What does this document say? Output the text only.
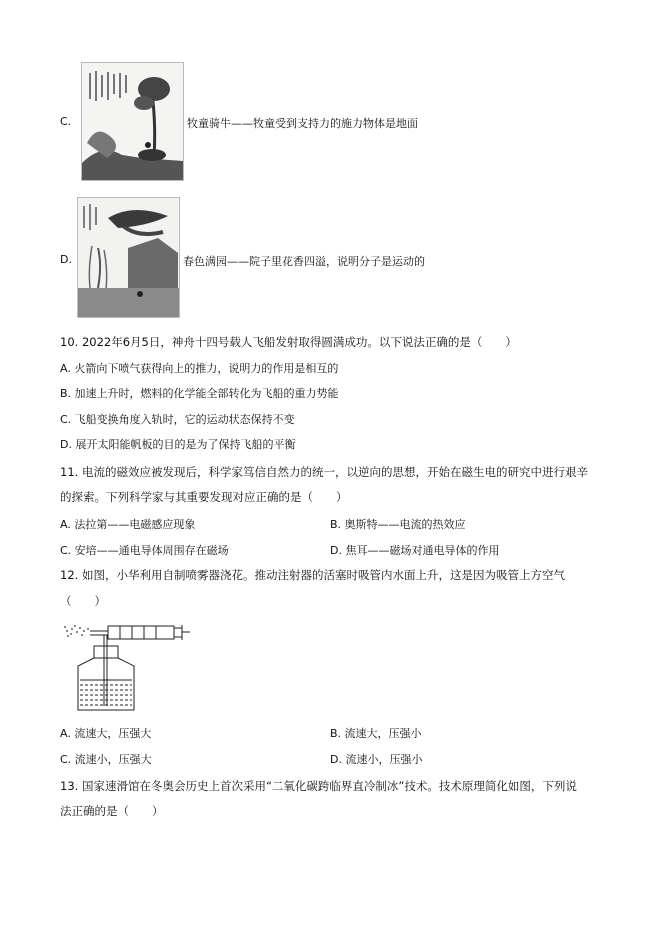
C.	牧童骑牛——牧童受到支持力的施力物体是地面
D.	春色满园——院子里花香四溢，说明分子是运动的
10. 2022年6月5日，神舟十四号载人飞船发射取得圆满成功。以下说法正确的是（　　）
A. 火箭向下喷气获得向上的推力，说明力的作用是相互的
B. 加速上升时，燃料的化学能全部转化为飞船的重力势能
C. 飞船变换角度入轨时，它的运动状态保持不变
D. 展开太阳能帆板的目的是为了保持飞船的平衡
11. 电流的磁效应被发现后，科学家笃信自然力的统一，以逆向的思想，开始在磁生电的研究中进行艰辛
的探索。下列科学家与其重要发现对应正确的是（　　）
A. 法拉第——电磁感应现象	B. 奥斯特——电流的热效应
C. 安培——通电导体周围存在磁场	D. 焦耳——磁场对通电导体的作用
12. 如图，小华利用自制喷雾器浇花。推动注射器的活塞时吸管内水面上升，这是因为吸管上方空气
（　　）
A. 流速大，压强大	B. 流速大，压强小
C. 流速小，压强大	D. 流速小，压强小
13. 国家速滑馆在冬奥会历史上首次采用“二氧化碳跨临界直冷制冰”技术。技术原理简化如图，下列说
法正确的是（　　）
